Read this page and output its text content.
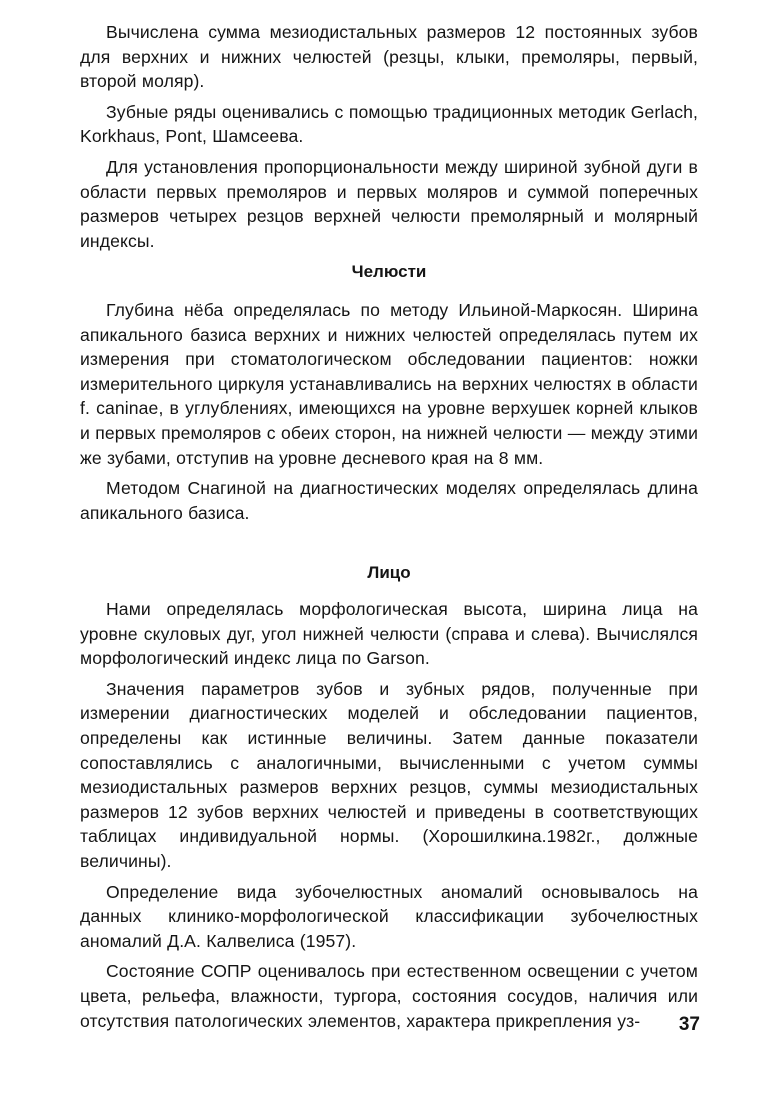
Вычислена сумма мезиодистальных размеров 12 постоянных зубов для верхних и нижних челюстей (резцы, клыки, премоляры, первый, второй моляр).

Зубные ряды оценивались с помощью традиционных методик Gerlach, Korkhaus, Pont, Шамсеева.

Для установления пропорциональности между шириной зубной дуги в области первых премоляров и первых моляров и суммой поперечных размеров четырех резцов верхней челюсти премолярный и молярный индексы.

Челюсти

Глубина нёба определялась по методу Ильиной-Маркосян. Ширина апикального базиса верхних и нижних челюстей определялась путем их измерения при стоматологическом обследовании пациентов: ножки измерительного циркуля устанавливались на верхних челюстях в области f. caninae, в углублениях, имеющихся на уровне верхушек корней клыков и первых премоляров с обеих сторон, на нижней челюсти — между этими же зубами, отступив на уровне десневого края на 8 мм.

Методом Снагиной на диагностических моделях определялась длина апикального базиса.

Лицо

Нами определялась морфологическая высота, ширина лица на уровне скуловых дуг, угол нижней челюсти (справа и слева). Вычислялся морфологический индекс лица по Garson.

Значения параметров зубов и зубных рядов, полученные при измерении диагностических моделей и обследовании пациентов, определены как истинные величины. Затем данные показатели сопоставлялись с аналогичными, вычисленными с учетом суммы мезиодистальных размеров верхних резцов, суммы мезиодистальных размеров 12 зубов верхних челюстей и приведены в соответствующих таблицах индивидуальной нормы. (Хорошилкина.1982г., должные величины).

Определение вида зубочелюстных аномалий основывалось на данных клинико-морфологической классификации зубочелюстных аномалий Д.А. Калвелиса (1957).

Состояние СОПР оценивалось при естественном освещении с учетом цвета, рельефа, влажности, тургора, состояния сосудов, наличия или отсутствия патологических элементов, характера прикрепления уз-	37
